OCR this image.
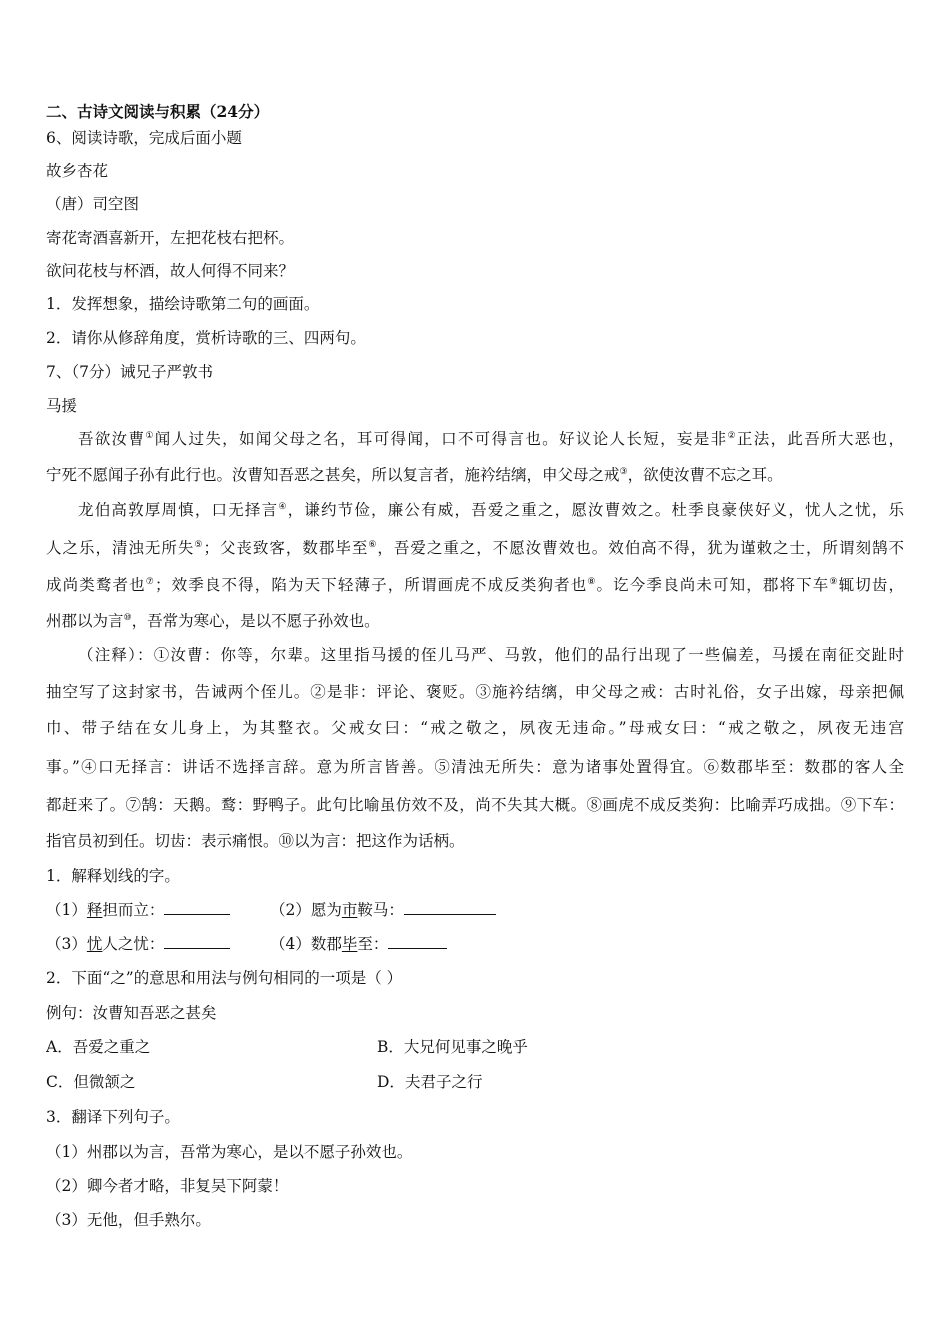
二、古诗文阅读与积累（24分）
6、阅读诗歌，完成后面小题
故乡杏花
（唐）司空图
寄花寄酒喜新开，左把花枝右把杯。
欲问花枝与杯酒，故人何得不同来？
1．发挥想象，描绘诗歌第二句的画面。
2．请你从修辞角度，赏析诗歌的三、四两句。
7、（7分）诫兄子严敦书
马援
吾欲汝曹①闻人过失，如闻父母之名，耳可得闻，口不可得言也。好议论人长短，妄是非②正法，此吾所大恶也，
宁死不愿闻子孙有此行也。汝曹知吾恶之甚矣，所以复言者，施衿结缡，申父母之戒③，欲使汝曹不忘之耳。
龙伯高敦厚周慎，口无择言④，谦约节俭，廉公有威，吾爱之重之，愿汝曹效之。杜季良豪侠好义，忧人之忧，乐
人之乐，清浊无所失⑤；父丧致客，数郡毕至⑥，吾爱之重之，不愿汝曹效也。效伯高不得，犹为谨敕之士，所谓刻鹄不
成尚类鹜者也⑦；效季良不得，陷为天下轻薄子，所谓画虎不成反类狗者也⑧。讫今季良尚未可知，郡将下车⑨辄切齿，
州郡以为言⑩，吾常为寒心，是以不愿子孙效也。
（注释）：①汝曹：你等，尔辈。这里指马援的侄儿马严、马敦，他们的品行出现了一些偏差，马援在南征交趾时
抽空写了这封家书，告诫两个侄儿。②是非：评论、褒贬。③施衿结缡，申父母之戒：古时礼俗，女子出嫁，母亲把佩
巾、带子结在女儿身上，为其整衣。父戒女曰：“戒之敬之，夙夜无违命。”母戒女曰：“戒之敬之，夙夜无违宫
事。”④口无择言：讲话不选择言辞。意为所言皆善。⑤清浊无所失：意为诸事处置得宜。⑥数郡毕至：数郡的客人全
都赶来了。⑦鹄：天鹅。鹜：野鸭子。此句比喻虽仿效不及，尚不失其大概。⑧画虎不成反类狗：比喻弄巧成拙。⑨下车：
指官员初到任。切齿：表示痛恨。⑩以为言：把这作为话柄。
1．解释划线的字。
（1）释担而立：	（2）愿为市鞍马：
（3）忧人之忧：	（4）数郡毕至：
2．下面“之”的意思和用法与例句相同的一项是（ ）
例句：汝曹知吾恶之甚矣
A．吾爱之重之	B．大兄何见事之晚乎
C．但微颔之	D．夫君子之行
3．翻译下列句子。
（1）州郡以为言，吾常为寒心，是以不愿子孙效也。
（2）卿今者才略，非复吴下阿蒙！
（3）无他，但手熟尔。
